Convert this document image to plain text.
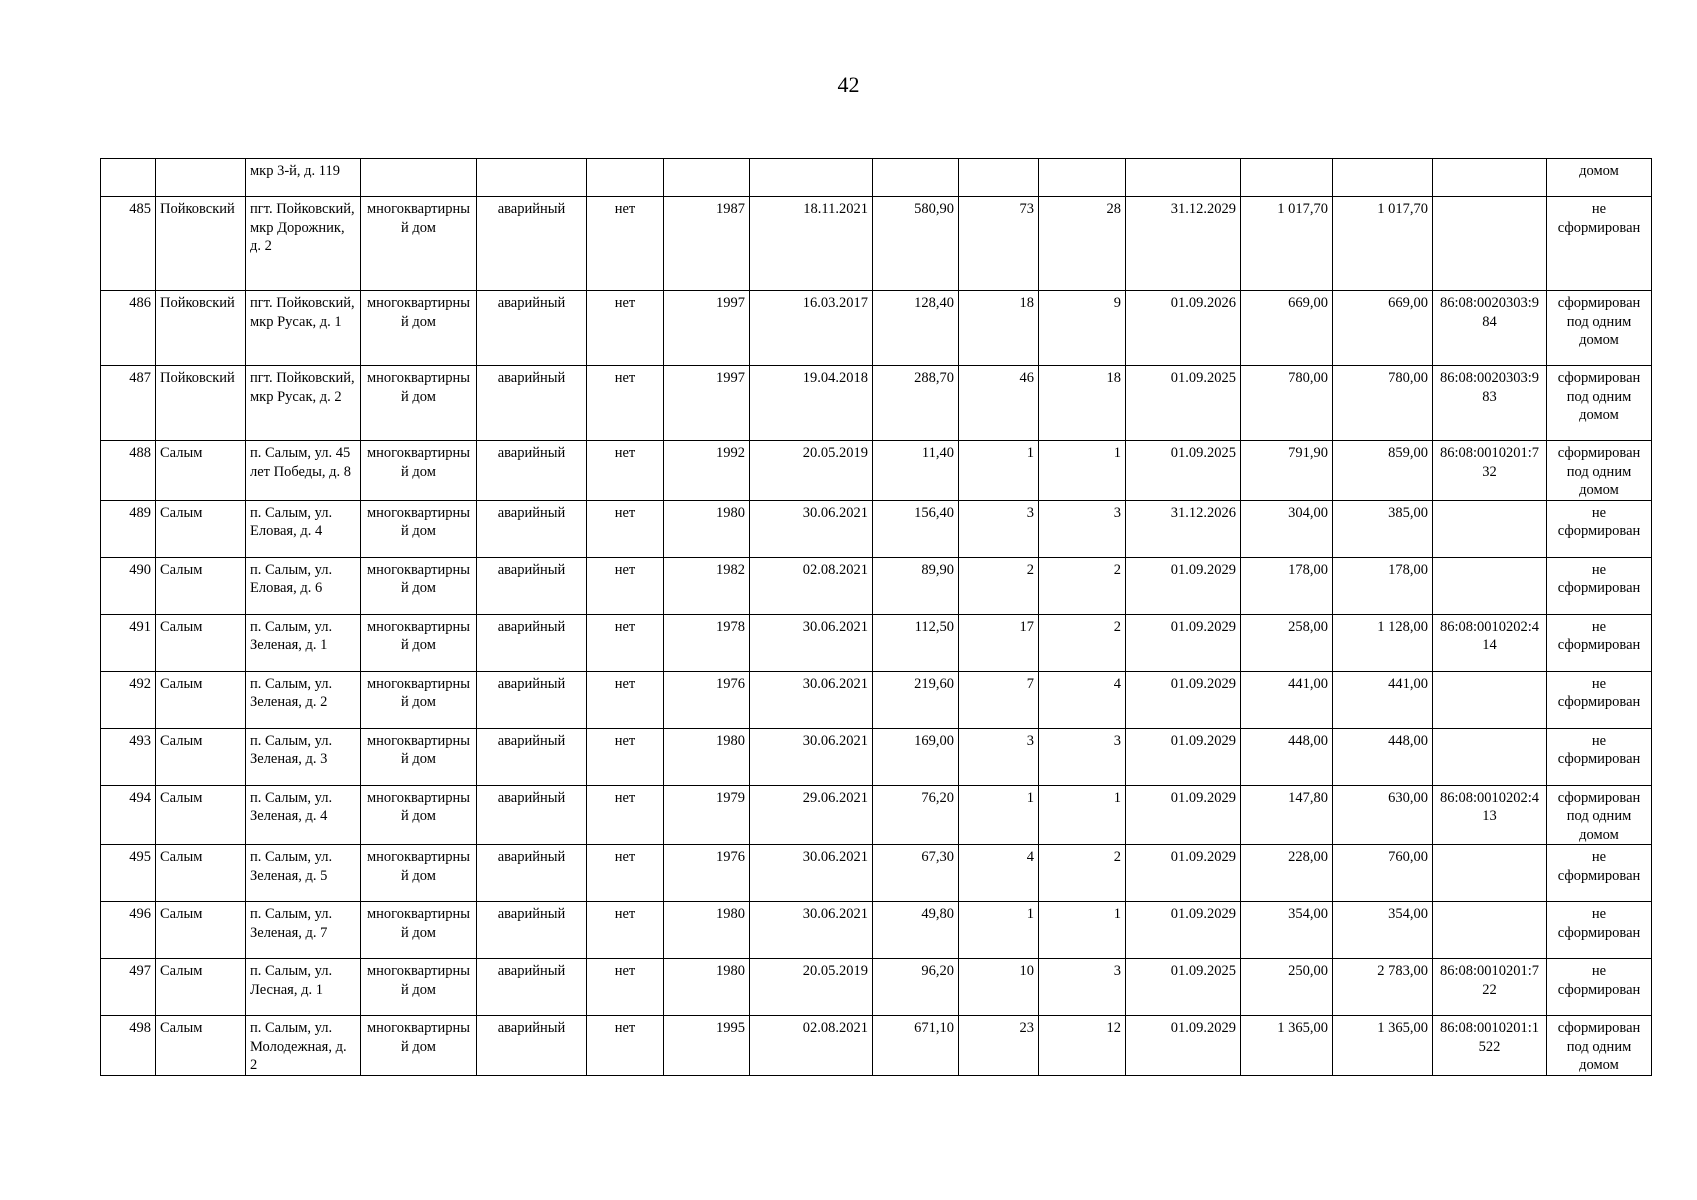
42
		мкр 3-й, д. 119													домом
485	Пойковский	пгт. Пойковский, мкр Дорожник, д. 2	многоквартирный дом	аварийный	нет	1987	18.11.2021	580,90	73	28	31.12.2029	1 017,70	1 017,70		не сформирован
486	Пойковский	пгт. Пойковский, мкр Русак, д. 1	многоквартирный дом	аварийный	нет	1997	16.03.2017	128,40	18	9	01.09.2026	669,00	669,00	86:08:0020303:984	сформирован под одним домом
487	Пойковский	пгт. Пойковский, мкр Русак, д. 2	многоквартирный дом	аварийный	нет	1997	19.04.2018	288,70	46	18	01.09.2025	780,00	780,00	86:08:0020303:983	сформирован под одним домом
488	Салым	п. Салым, ул. 45 лет Победы, д. 8	многоквартирный дом	аварийный	нет	1992	20.05.2019	11,40	1	1	01.09.2025	791,90	859,00	86:08:0010201:732	сформирован под одним домом
489	Салым	п. Салым, ул. Еловая, д. 4	многоквартирный дом	аварийный	нет	1980	30.06.2021	156,40	3	3	31.12.2026	304,00	385,00		не сформирован
490	Салым	п. Салым, ул. Еловая, д. 6	многоквартирный дом	аварийный	нет	1982	02.08.2021	89,90	2	2	01.09.2029	178,00	178,00		не сформирован
491	Салым	п. Салым, ул. Зеленая, д. 1	многоквартирный дом	аварийный	нет	1978	30.06.2021	112,50	17	2	01.09.2029	258,00	1 128,00	86:08:0010202:414	не сформирован
492	Салым	п. Салым, ул. Зеленая, д. 2	многоквартирный дом	аварийный	нет	1976	30.06.2021	219,60	7	4	01.09.2029	441,00	441,00		не сформирован
493	Салым	п. Салым, ул. Зеленая, д. 3	многоквартирный дом	аварийный	нет	1980	30.06.2021	169,00	3	3	01.09.2029	448,00	448,00		не сформирован
494	Салым	п. Салым, ул. Зеленая, д. 4	многоквартирный дом	аварийный	нет	1979	29.06.2021	76,20	1	1	01.09.2029	147,80	630,00	86:08:0010202:413	сформирован под одним домом
495	Салым	п. Салым, ул. Зеленая, д. 5	многоквартирный дом	аварийный	нет	1976	30.06.2021	67,30	4	2	01.09.2029	228,00	760,00		не сформирован
496	Салым	п. Салым, ул. Зеленая, д. 7	многоквартирный дом	аварийный	нет	1980	30.06.2021	49,80	1	1	01.09.2029	354,00	354,00		не сформирован
497	Салым	п. Салым, ул. Лесная, д. 1	многоквартирный дом	аварийный	нет	1980	20.05.2019	96,20	10	3	01.09.2025	250,00	2 783,00	86:08:0010201:722	не сформирован
498	Салым	п. Салым, ул. Молодежная, д. 2	многоквартирный дом	аварийный	нет	1995	02.08.2021	671,10	23	12	01.09.2029	1 365,00	1 365,00	86:08:0010201:1522	сформирован под одним домом
